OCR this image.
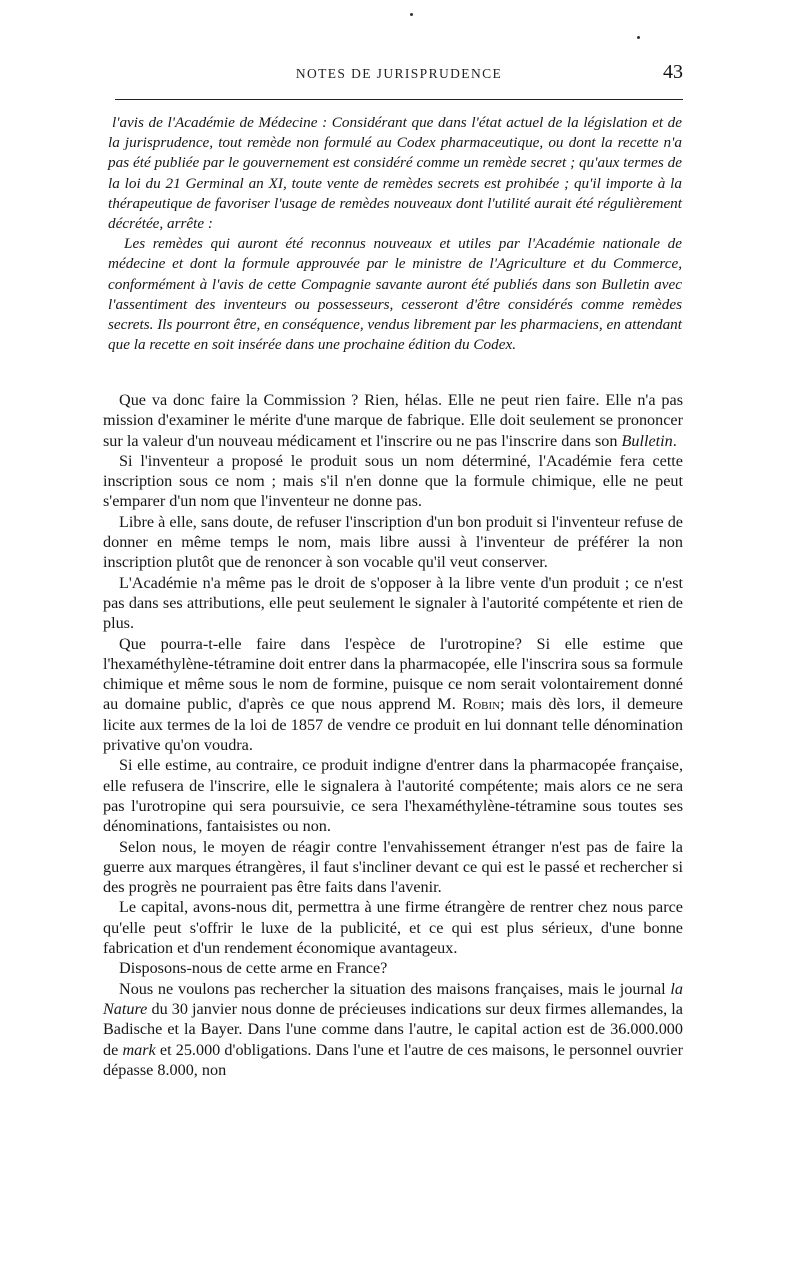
NOTES DE JURISPRUDENCE	43

l'avis de l'Académie de Médecine : Considérant que dans l'état actuel de la législation et de la jurisprudence, tout remède non formulé au Codex pharmaceutique, ou dont la recette n'a pas été publiée par le gouvernement est considéré comme un remède secret ; qu'aux termes de la loi du 21 Germinal an XI, toute vente de remèdes secrets est prohibée ; qu'il importe à la thérapeutique de favoriser l'usage de remèdes nouveaux dont l'utilité aurait été régulièrement décrétée, arrête :

Les remèdes qui auront été reconnus nouveaux et utiles par l'Académie nationale de médecine et dont la formule approuvée par le ministre de l'Agriculture et du Commerce, conformément à l'avis de cette Compagnie savante auront été publiés dans son Bulletin avec l'assentiment des inventeurs ou possesseurs, cesseront d'être considérés comme remèdes secrets. Ils pourront être, en conséquence, vendus librement par les pharmaciens, en attendant que la recette en soit insérée dans une prochaine édition du Codex.

Que va donc faire la Commission ? Rien, hélas. Elle ne peut rien faire. Elle n'a pas mission d'examiner le mérite d'une marque de fabrique. Elle doit seulement se prononcer sur la valeur d'un nouveau médicament et l'inscrire ou ne pas l'inscrire dans son Bulletin.

Si l'inventeur a proposé le produit sous un nom déterminé, l'Académie fera cette inscription sous ce nom ; mais s'il n'en donne que la formule chimique, elle ne peut s'emparer d'un nom que l'inventeur ne donne pas.

Libre à elle, sans doute, de refuser l'inscription d'un bon produit si l'inventeur refuse de donner en même temps le nom, mais libre aussi à l'inventeur de préférer la non inscription plutôt que de renoncer à son vocable qu'il veut conserver.

L'Académie n'a même pas le droit de s'opposer à la libre vente d'un produit ; ce n'est pas dans ses attributions, elle peut seulement le signaler à l'autorité compétente et rien de plus.

Que pourra-t-elle faire dans l'espèce de l'urotropine? Si elle estime que l'hexaméthylène-tétramine doit entrer dans la pharmacopée, elle l'inscrira sous sa formule chimique et même sous le nom de formine, puisque ce nom serait volontairement donné au domaine public, d'après ce que nous apprend M. Robin; mais dès lors, il demeure licite aux termes de la loi de 1857 de vendre ce produit en lui donnant telle dénomination privative qu'on voudra.

Si elle estime, au contraire, ce produit indigne d'entrer dans la pharmacopée française, elle refusera de l'inscrire, elle le signalera à l'autorité compétente; mais alors ce ne sera pas l'urotropine qui sera poursuivie, ce sera l'hexaméthylène-tétramine sous toutes ses dénominations, fantaisistes ou non.

Selon nous, le moyen de réagir contre l'envahissement étranger n'est pas de faire la guerre aux marques étrangères, il faut s'incliner devant ce qui est le passé et rechercher si des progrès ne pourraient pas être faits dans l'avenir.

Le capital, avons-nous dit, permettra à une firme étrangère de rentrer chez nous parce qu'elle peut s'offrir le luxe de la publicité, et ce qui est plus sérieux, d'une bonne fabrication et d'un rendement économique avantageux.

Disposons-nous de cette arme en France?

Nous ne voulons pas rechercher la situation des maisons françaises, mais le journal la Nature du 30 janvier nous donne de précieuses indications sur deux firmes allemandes, la Badische et la Bayer. Dans l'une comme dans l'autre, le capital action est de 36.000.000 de mark et 25.000 d'obligations. Dans l'une et l'autre de ces maisons, le personnel ouvrier dépasse 8.000, non
